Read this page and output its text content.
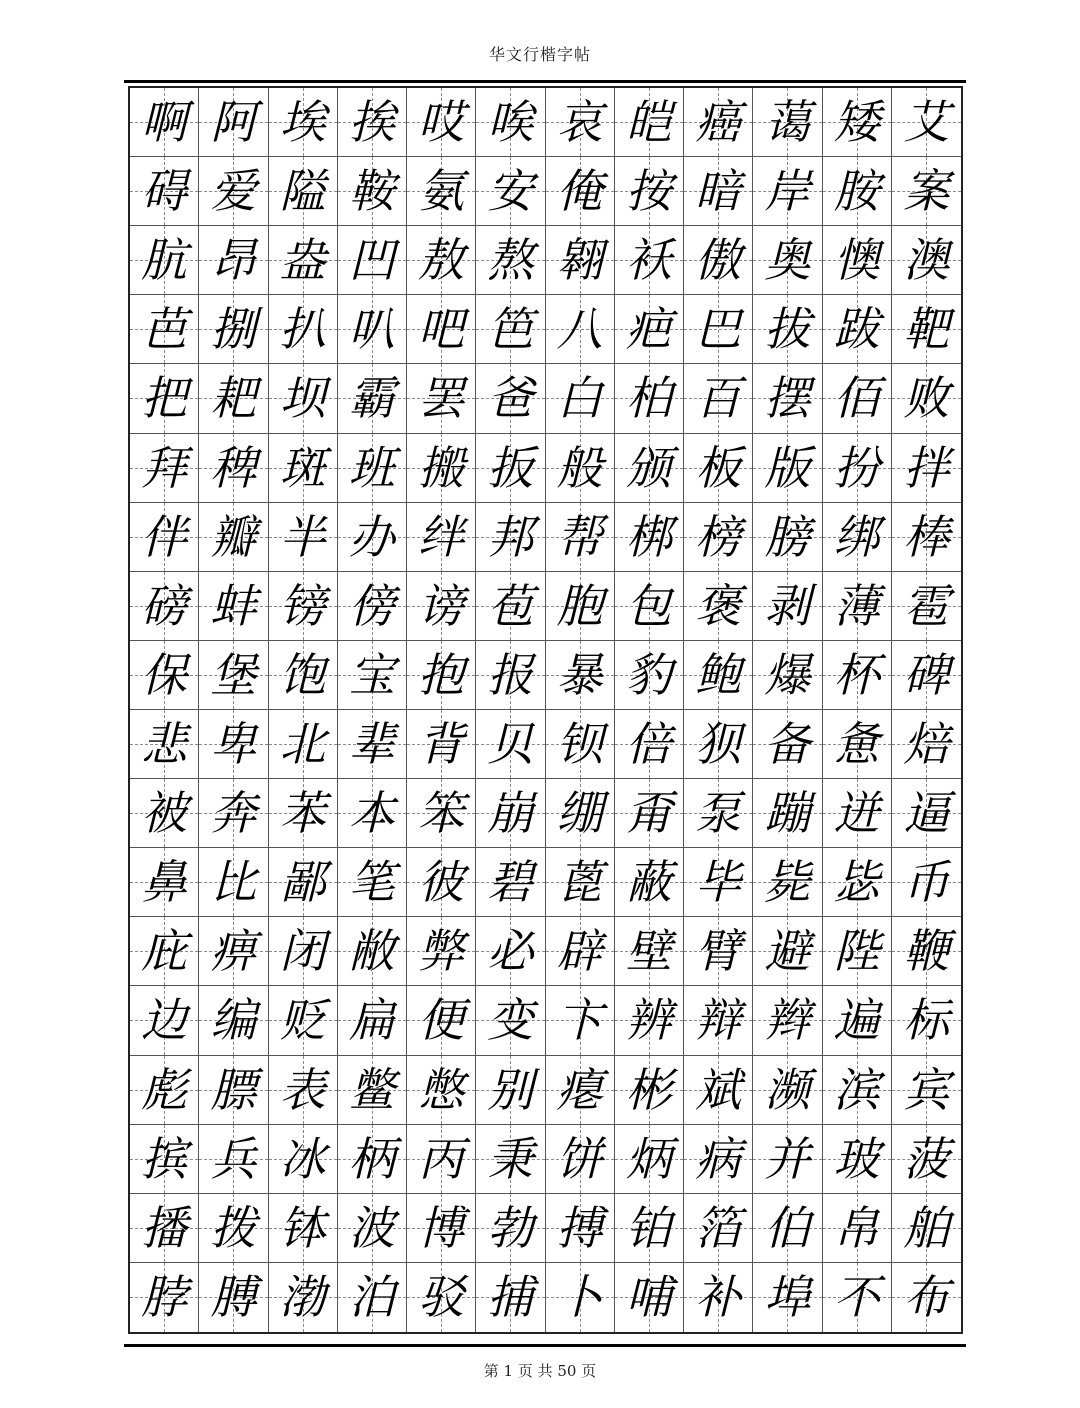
华文行楷字帖
啊 阿 埃 挨 哎 唉 哀 皑 癌 蔼 矮 艾
碍 爱 隘 鞍 氨 安 俺 按 暗 岸 胺 案
肮 昂 盎 凹 敖 熬 翱 袄 傲 奥 懊 澳
芭 捌 扒 叭 吧 笆 八 疤 巴 拔 跋 靶
把 耙 坝 霸 罢 爸 白 柏 百 摆 佰 败
拜 稗 斑 班 搬 扳 般 颁 板 版 扮 拌
伴 瓣 半 办 绊 邦 帮 梆 榜 膀 绑 棒
磅 蚌 镑 傍 谤 苞 胞 包 褒 剥 薄 雹
保 堡 饱 宝 抱 报 暴 豹 鲍 爆 杯 碑
悲 卑 北 辈 背 贝 钡 倍 狈 备 惫 焙
被 奔 苯 本 笨 崩 绷 甭 泵 蹦 迸 逼
鼻 比 鄙 笔 彼 碧 蓖 蔽 毕 毙 毖 币
庇 痹 闭 敝 弊 必 辟 壁 臂 避 陛 鞭
边 编 贬 扁 便 变 卞 辨 辩 辫 遍 标
彪 膘 表 鳖 憋 别 瘪 彬 斌 濒 滨 宾
摈 兵 冰 柄 丙 秉 饼 炳 病 并 玻 菠
播 拨 钵 波 博 勃 搏 铂 箔 伯 帛 舶
脖 膊 渤 泊 驳 捕 卜 哺 补 埠 不 布
第 1 页 共 50 页
